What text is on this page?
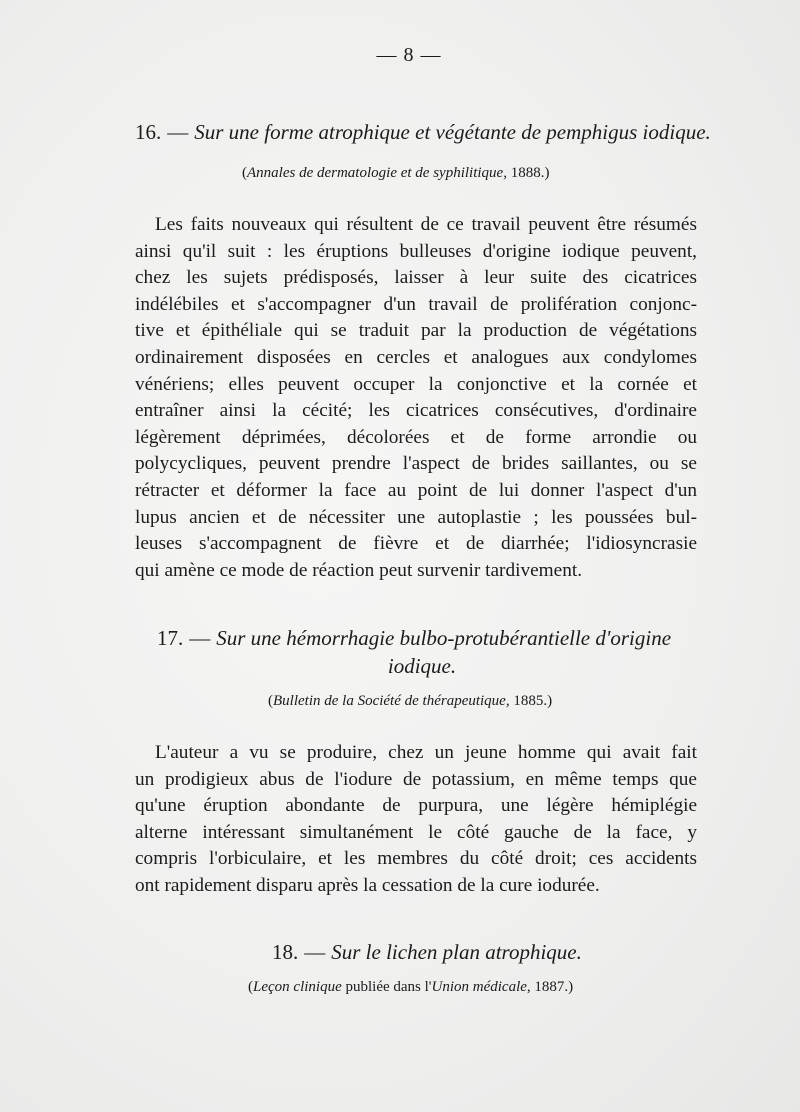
— 8 —
16. — Sur une forme atrophique et végétante de pemphigus iodique.
(Annales de dermatologie et de syphilitique, 1888.)
Les faits nouveaux qui résultent de ce travail peuvent être résumés
ainsi qu'il suit : les éruptions bulleuses d'origine iodique peuvent,
chez les sujets prédisposés, laisser à leur suite des cicatrices
indélébiles et s'accompagner d'un travail de prolifération conjonc-
tive et épithéliale qui se traduit par la production de végétations
ordinairement disposées en cercles et analogues aux condylomes
vénériens; elles peuvent occuper la conjonctive et la cornée et
entraîner ainsi la cécité; les cicatrices consécutives, d'ordinaire
légèrement déprimées, décolorées et de forme arrondie ou
polycycliques, peuvent prendre l'aspect de brides saillantes, ou se
rétracter et déformer la face au point de lui donner l'aspect d'un
lupus ancien et de nécessiter une autoplastie ; les poussées bul-
leuses s'accompagnent de fièvre et de diarrhée; l'idiosyncrasie
qui amène ce mode de réaction peut survenir tardivement.
17. — Sur une hémorrhagie bulbo-protubérantielle d'origine
iodique.
(Bulletin de la Société de thérapeutique, 1885.)
L'auteur a vu se produire, chez un jeune homme qui avait fait
un prodigieux abus de l'iodure de potassium, en même temps que
qu'une éruption abondante de purpura, une légère hémiplégie
alterne intéressant simultanément le côté gauche de la face, y
compris l'orbiculaire, et les membres du côté droit; ces accidents
ont rapidement disparu après la cessation de la cure iodurée.
18. — Sur le lichen plan atrophique.
(Leçon clinique publiée dans l'Union médicale, 1887.)
